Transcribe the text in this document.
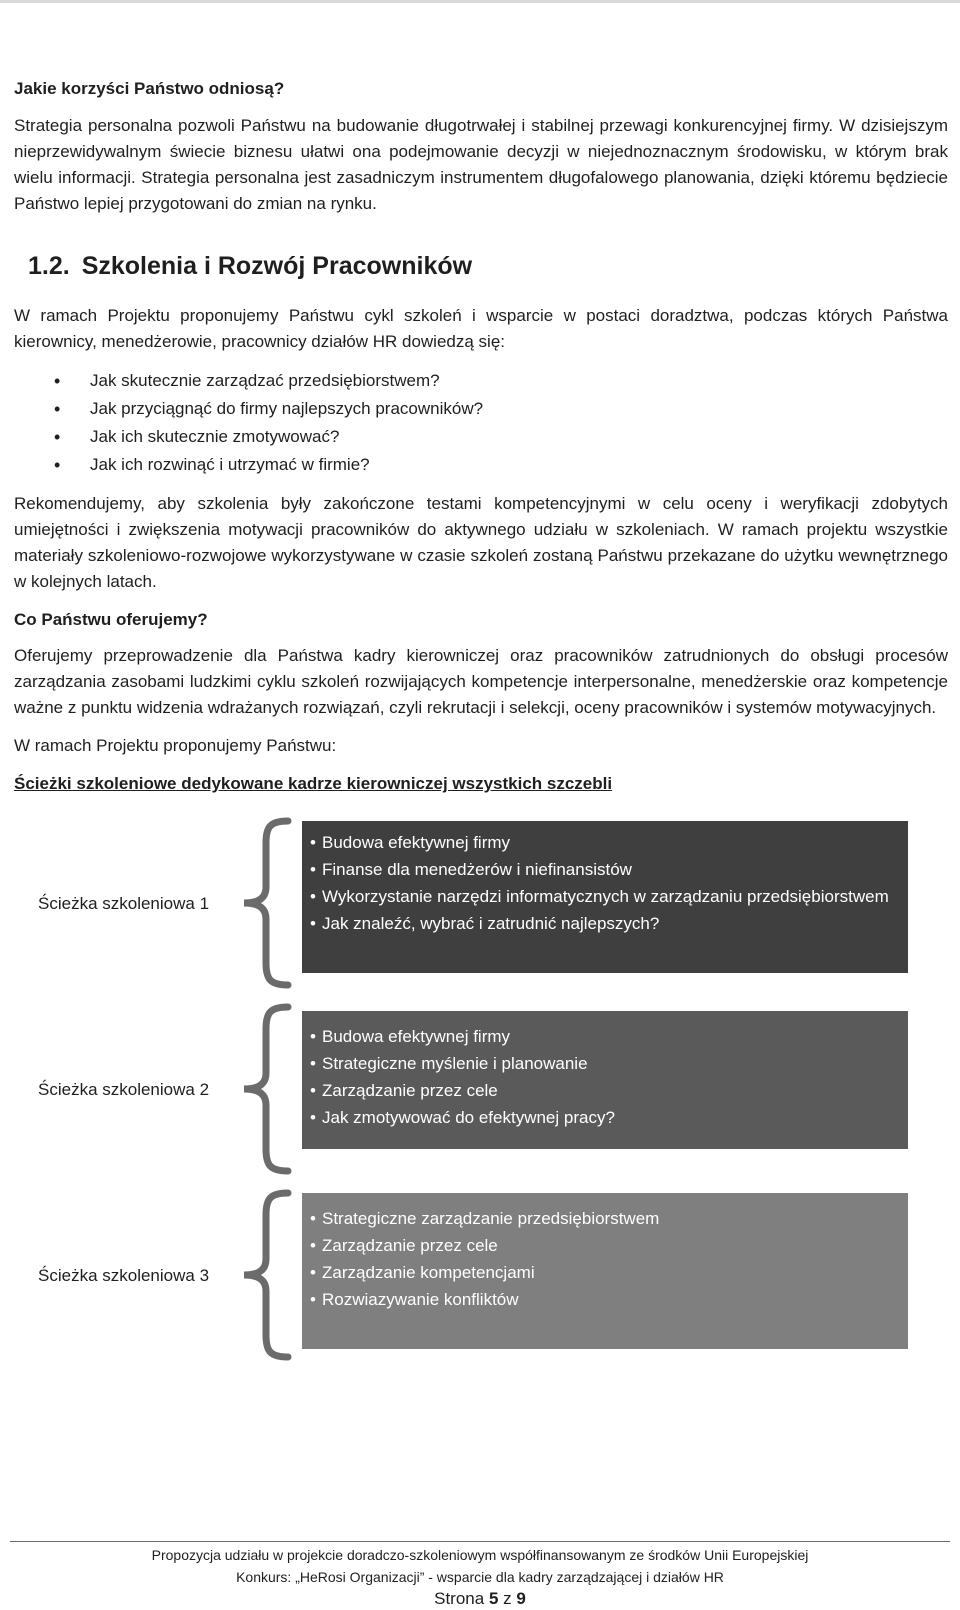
Jakie korzyści Państwo odniosą?

Strategia personalna pozwoli Państwu na budowanie długotrwałej i stabilnej przewagi konkurencyjnej firmy. W dzisiejszym nieprzewidywalnym świecie biznesu ułatwi ona podejmowanie decyzji w niejednoznacznym środowisku, w którym brak wielu informacji. Strategia personalna jest zasadniczym instrumentem długofalowego planowania, dzięki któremu będziecie Państwo lepiej przygotowani do zmian na rynku.

1.2. Szkolenia i Rozwój Pracowników

W ramach Projektu proponujemy Państwu cykl szkoleń i wsparcie w postaci doradztwa, podczas których Państwa kierownicy, menedżerowie, pracownicy działów HR dowiedzą się:

• Jak skutecznie zarządzać przedsiębiorstwem?
• Jak przyciągnąć do firmy najlepszych pracowników?
• Jak ich skutecznie zmotywować?
• Jak ich rozwinąć i utrzymać w firmie?

Rekomendujemy, aby szkolenia były zakończone testami kompetencyjnymi w celu oceny i weryfikacji zdobytych umiejętności i zwiększenia motywacji pracowników do aktywnego udziału w szkoleniach. W ramach projektu wszystkie materiały szkoleniowo-rozwojowe wykorzystywane w czasie szkoleń zostaną Państwu przekazane do użytku wewnętrznego w kolejnych latach.

Co Państwu oferujemy?

Oferujemy przeprowadzenie dla Państwa kadry kierowniczej oraz pracowników zatrudnionych do obsługi procesów zarządzania zasobami ludzkimi cyklu szkoleń rozwijających kompetencje interpersonalne, menedżerskie oraz kompetencje ważne z punktu widzenia wdrażanych rozwiązań, czyli rekrutacji i selekcji, oceny pracowników i systemów motywacyjnych.

W ramach Projektu proponujemy Państwu:

Ścieżki szkoleniowe dedykowane kadrze kierowniczej wszystkich szczebli
Ścieżka szkoleniowa 1
• Budowa efektywnej firmy
• Finanse dla menedżerów i niefinansistów
• Wykorzystanie narzędzi informatycznych w zarządzaniu przedsiębiorstwem
• Jak znaleźć, wybrać i zatrudnić najlepszych?
Ścieżka szkoleniowa 2
• Budowa efektywnej firmy
• Strategiczne myślenie i planowanie
• Zarządzanie przez cele
• Jak zmotywować do efektywnej pracy?
Ścieżka szkoleniowa 3
• Strategiczne zarządzanie przedsiębiorstwem
• Zarządzanie przez cele
• Zarządzanie kompetencjami
• Rozwiazywanie konfliktów
Propozycja udziału w projekcie doradczo-szkoleniowym współfinansowanym ze środków Unii Europejskiej
Konkurs: „HeRosi Organizacji” - wsparcie dla kadry zarządzającej i działów HR
Strona 5 z 9
